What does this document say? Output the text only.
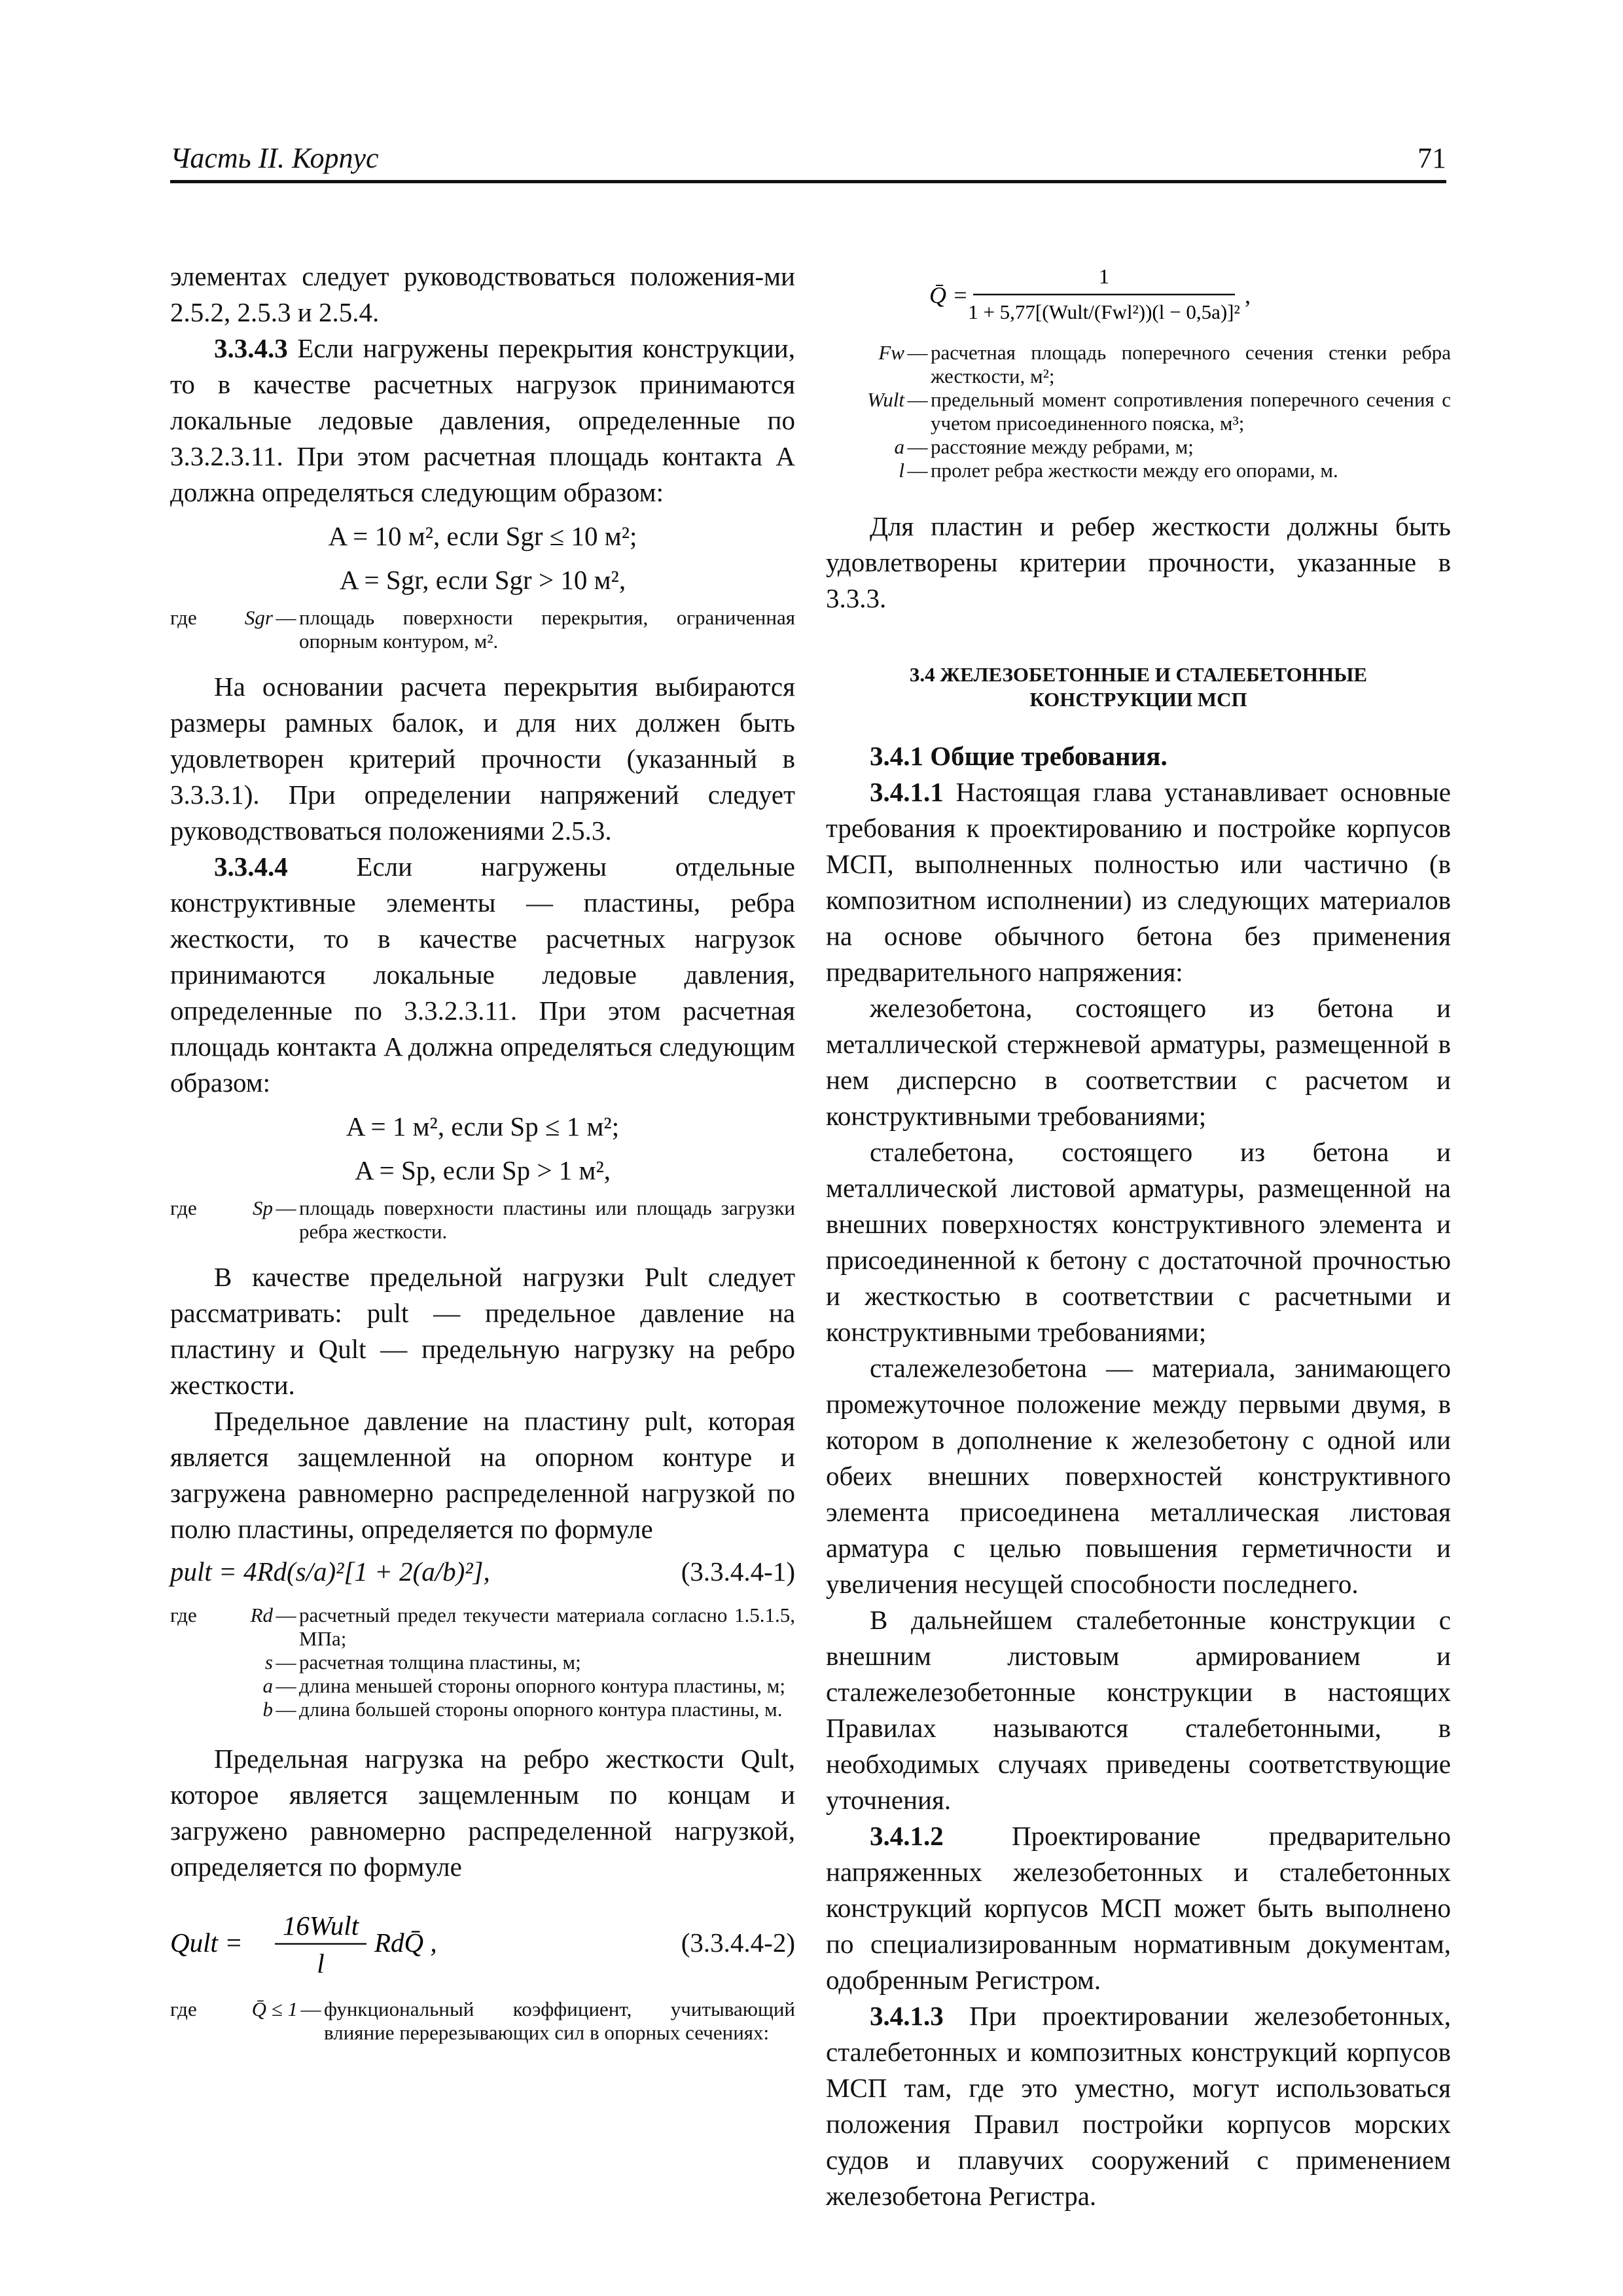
Часть II. Корпус	71

элементах следует руководствоваться положения-ми 2.5.2, 2.5.3 и 2.5.4.

3.3.4.3 Если нагружены перекрытия конструкции, то в качестве расчетных нагрузок принимаются локальные ледовые давления, определенные по 3.3.2.3.11. При этом расчетная площадь контакта A должна определяться следующим образом:

A = 10 м², если Sgr ≤ 10 м²;
A = Sgr, если Sgr > 10 м²,
где	Sgr — площадь поверхности перекрытия, ограниченная опорным контуром, м².

На основании расчета перекрытия выбираются размеры рамных балок, и для них должен быть удовлетворен критерий прочности (указанный в 3.3.3.1). При определении напряжений следует руководствоваться положениями 2.5.3.

3.3.4.4 Если нагружены отдельные конструктивные элементы — пластины, ребра жесткости, то в качестве расчетных нагрузок принимаются локальные ледовые давления, определенные по 3.3.2.3.11. При этом расчетная площадь контакта A должна определяться следующим образом:

A = 1 м², если Sp ≤ 1 м²;
A = Sp, если Sp > 1 м²,
где	Sp — площадь поверхности пластины или площадь загрузки ребра жесткости.

В качестве предельной нагрузки Pult следует рассматривать: pult — предельное давление на пластину и Qult — предельную нагрузку на ребро жесткости.

Предельное давление на пластину pult, которая является защемленной на опорном контуре и загружена равномерно распределенной нагрузкой по полю пластины, определяется по формуле

pult = 4Rd(s/a)²[1 + 2(a/b)²],	(3.3.4.4-1)
где	Rd — расчетный предел текучести материала согласно 1.5.1.5, МПа;
s — расчетная толщина пластины, м;
a — длина меньшей стороны опорного контура пластины, м;
b — длина большей стороны опорного контура пластины, м.

Предельная нагрузка на ребро жесткости Qult, которое является защемленным по концам и загружено равномерно распределенной нагрузкой, определяется по формуле

Qult =
16Wult
l
RdQ̄ ,	(3.3.4.4-2)
где	Q̄ ≤ 1 — функциональный коэффициент, учитывающий влияние перерезывающих сил в опорных сечениях:
Q̄ =
1
1 + 5,77[(Wult/(Fwl²))(l − 0,5a)]²
,
Fw — расчетная площадь поперечного сечения стенки ребра жесткости, м²;
Wult — предельный момент сопротивления поперечного сечения с учетом присоединенного пояска, м³;
a — расстояние между ребрами, м;
l — пролет ребра жесткости между его опорами, м.

Для пластин и ребер жесткости должны быть удовлетворены критерии прочности, указанные в 3.3.3.

3.4 ЖЕЛЕЗОБЕТОННЫЕ И СТАЛЕБЕТОННЫЕ КОНСТРУКЦИИ МСП

3.4.1 Общие требования.

3.4.1.1 Настоящая глава устанавливает основные требования к проектированию и постройке корпусов МСП, выполненных полностью или частично (в композитном исполнении) из следующих материалов на основе обычного бетона без применения предварительного напряжения:

железобетона, состоящего из бетона и металлической стержневой арматуры, размещенной в нем дисперсно в соответствии с расчетом и конструктивными требованиями;

сталебетона, состоящего из бетона и металлической листовой арматуры, размещенной на внешних поверхностях конструктивного элемента и присоединенной к бетону с достаточной прочностью и жесткостью в соответствии с расчетными и конструктивными требованиями;

сталежелезобетона — материала, занимающего промежуточное положение между первыми двумя, в котором в дополнение к железобетону с одной или обеих внешних поверхностей конструктивного элемента присоединена металлическая листовая арматура с целью повышения герметичности и увеличения несущей способности последнего.

В дальнейшем сталебетонные конструкции с внешним листовым армированием и сталежелезобетонные конструкции в настоящих Правилах называются сталебетонными, в необходимых случаях приведены соответствующие уточнения.

3.4.1.2 Проектирование предварительно напряженных железобетонных и сталебетонных конструкций корпусов МСП может быть выполнено по специализированным нормативным документам, одобренным Регистром.

3.4.1.3 При проектировании железобетонных, сталебетонных и композитных конструкций корпусов МСП там, где это уместно, могут использоваться положения Правил постройки корпусов морских судов и плавучих сооружений с применением железобетона Регистра.
